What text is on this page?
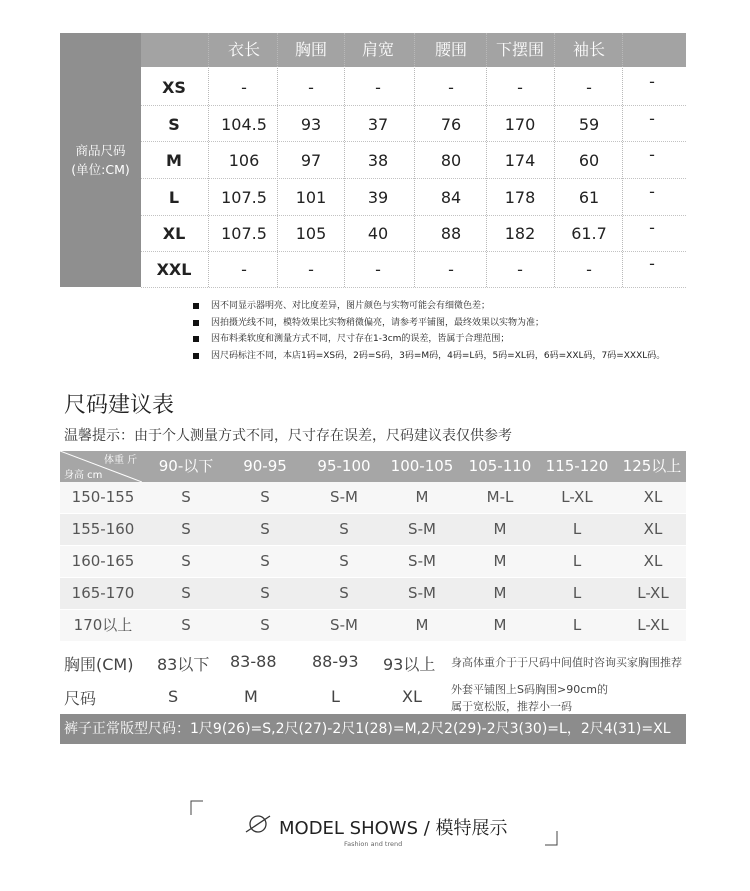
商品尺码
(单位:CM)
衣长	胸围	肩宽	腰围	下摆围	袖长
XS	-	-	-	-	-	-	-
S	104.5	93	37	76	170	59	-
M	106	97	38	80	174	60	-
L	107.5	101	39	84	178	61	-
XL	107.5	105	40	88	182	61.7	-
XXL	-	-	-	-	-	-	-
因不同显示器明亮、对比度差异，图片颜色与实物可能会有细微色差；
因拍摄光线不同，模特效果比实物稍微偏亮，请参考平铺图，最终效果以实物为准；
因布料柔软度和测量方式不同，尺寸存在1-3cm的误差，皆属于合理范围；
因尺码标注不同，本店1码=XS码，2码=S码，3码=M码，4码=L码，5码=XL码，6码=XXL码，7码=XXXL码。
尺码建议表
温馨提示：由于个人测量方式不同，尺寸存在误差，尺码建议表仅供参考
体重 斤
身高 cm
90-以下	90-95	95-100	100-105	105-110 115-120 125以上
150-155	S	S	S-M	M	M-L	L-XL	XL
155-160	S	S	S	S-M	M	L	XL
160-165	S	S	S	S-M	M	L	XL
165-170	S	S	S	S-M	M	L	L-XL
170以上	S	S	S-M	M	M	L	L-XL
胸围(CM) 83以下 83-88 88-93 93以上 身高体重介于于尺码中间值时咨询买家胸围推荐
尺码	S	M	L	XL	外套平铺图上S码胸围>90cm的
属于宽松版，推荐小一码
裤子正常版型尺码：1尺9(26)=S,2尺(27)-2尺1(28)=M,2尺2(29)-2尺3(30)=L，2尺4(31)=XL
MODEL SHOWS / 模特展示
Fashion and trend
